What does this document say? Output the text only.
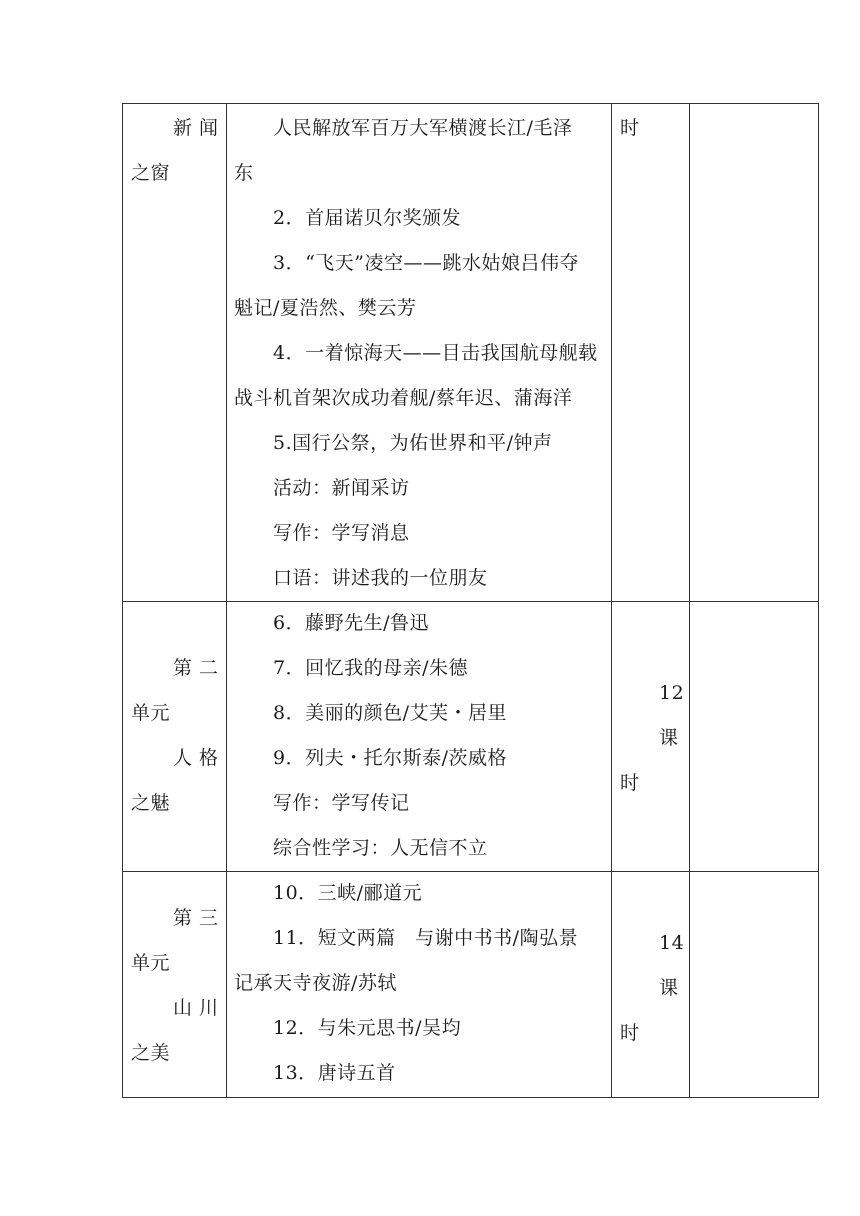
新 闻
之窗
人民解放军百万大军横渡长江/毛泽
东
2．首届诺贝尔奖颁发
3．“飞天”凌空——跳水姑娘吕伟夺
魁记/夏浩然、樊云芳
4．一着惊海天——目击我国航母舰载
战斗机首架次成功着舰/蔡年迟、蒲海洋
5.国行公祭，为佑世界和平/钟声
活动：新闻采访
写作：学写消息
口语：讲述我的一位朋友
时
第 二
单元
人 格
之魅
6．藤野先生/鲁迅
7．回忆我的母亲/朱德
8．美丽的颜色/艾芙・居里
9．列夫・托尔斯泰/茨威格
写作：学写传记
综合性学习：人无信不立
12
课
时
第 三
单元
山 川
之美
10．三峡/郦道元
11．短文两篇　与谢中书书/陶弘景
记承天寺夜游/苏轼
12．与朱元思书/吴均
13．唐诗五首
14
课
时
